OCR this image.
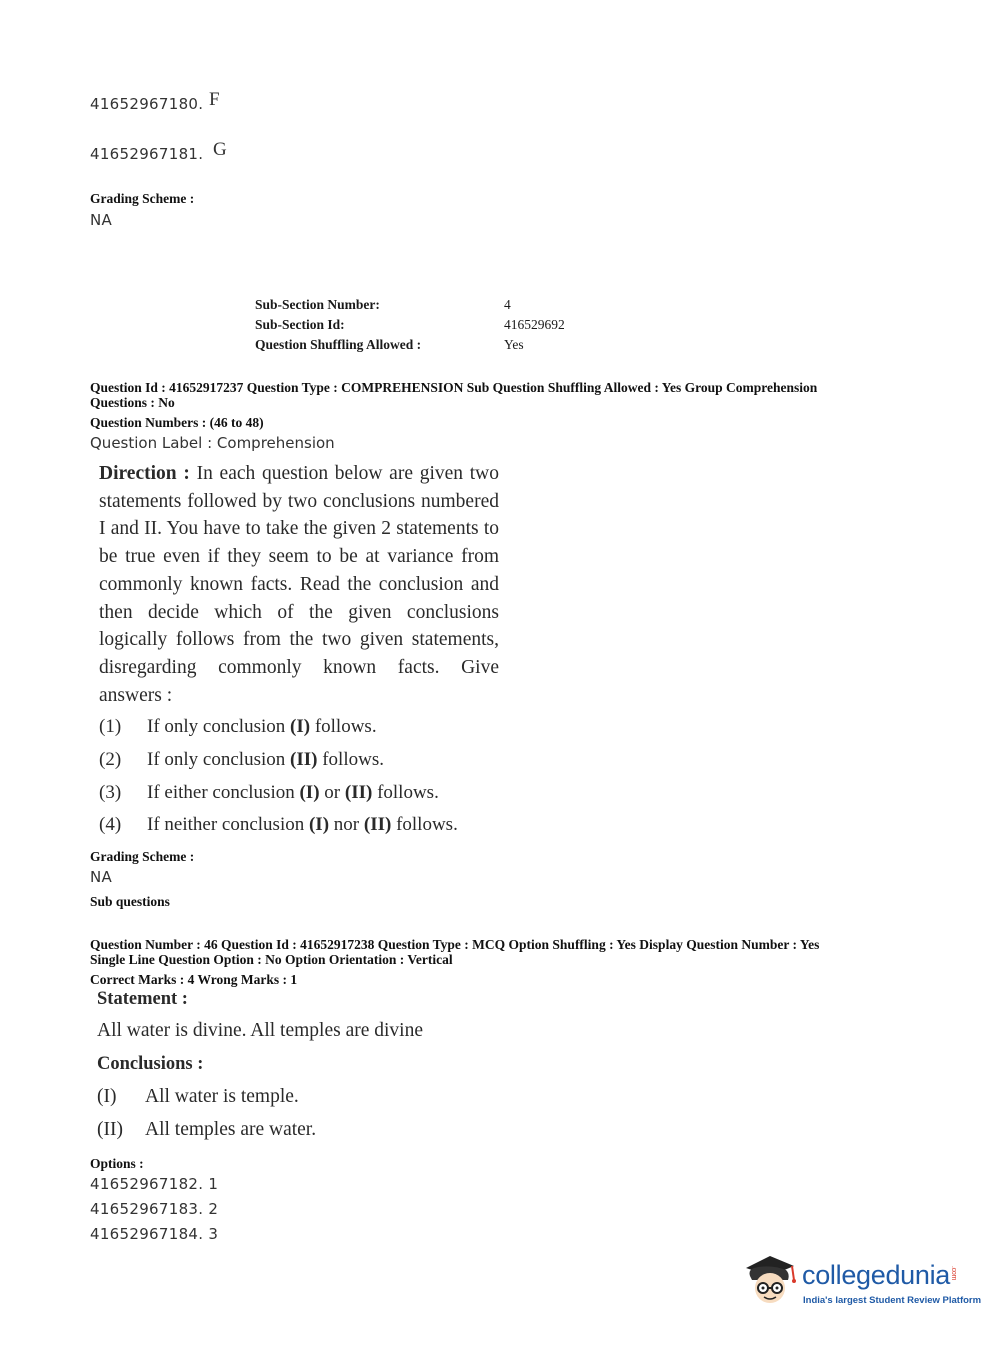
41652967180. F
41652967181. G
Grading Scheme :
NA
Sub-Section Number:	4
Sub-Section Id:	416529692
Question Shuffling Allowed :	Yes
Question Id : 41652917237 Question Type : COMPREHENSION Sub Question Shuffling Allowed : Yes Group Comprehension
Questions : No
Question Numbers : (46 to 48)
Question Label : Comprehension

Direction : In each question below are given two statements followed by two conclusions numbered I and II. You have to take the given 2 statements to be true even if they seem to be at variance from commonly known facts. Read the conclusion and then decide which of the given conclusions logically follows from the two given statements, disregarding commonly known facts. Give answers :

(1) If only conclusion (I) follows.
(2) If only conclusion (II) follows.
(3) If either conclusion (I) or (II) follows.
(4) If neither conclusion (I) nor (II) follows.
Grading Scheme :
NA
Sub questions
Question Number : 46 Question Id : 41652917238 Question Type : MCQ Option Shuffling : Yes Display Question Number : Yes
Single Line Question Option : No Option Orientation : Vertical
Correct Marks : 4 Wrong Marks : 1
Statement :
All water is divine. All temples are divine
Conclusions :
(I) All water is temple.
(II) All temples are water.
Options :
41652967182. 1
41652967183. 2
41652967184. 3
collegedunia.com
India's largest Student Review Platform
